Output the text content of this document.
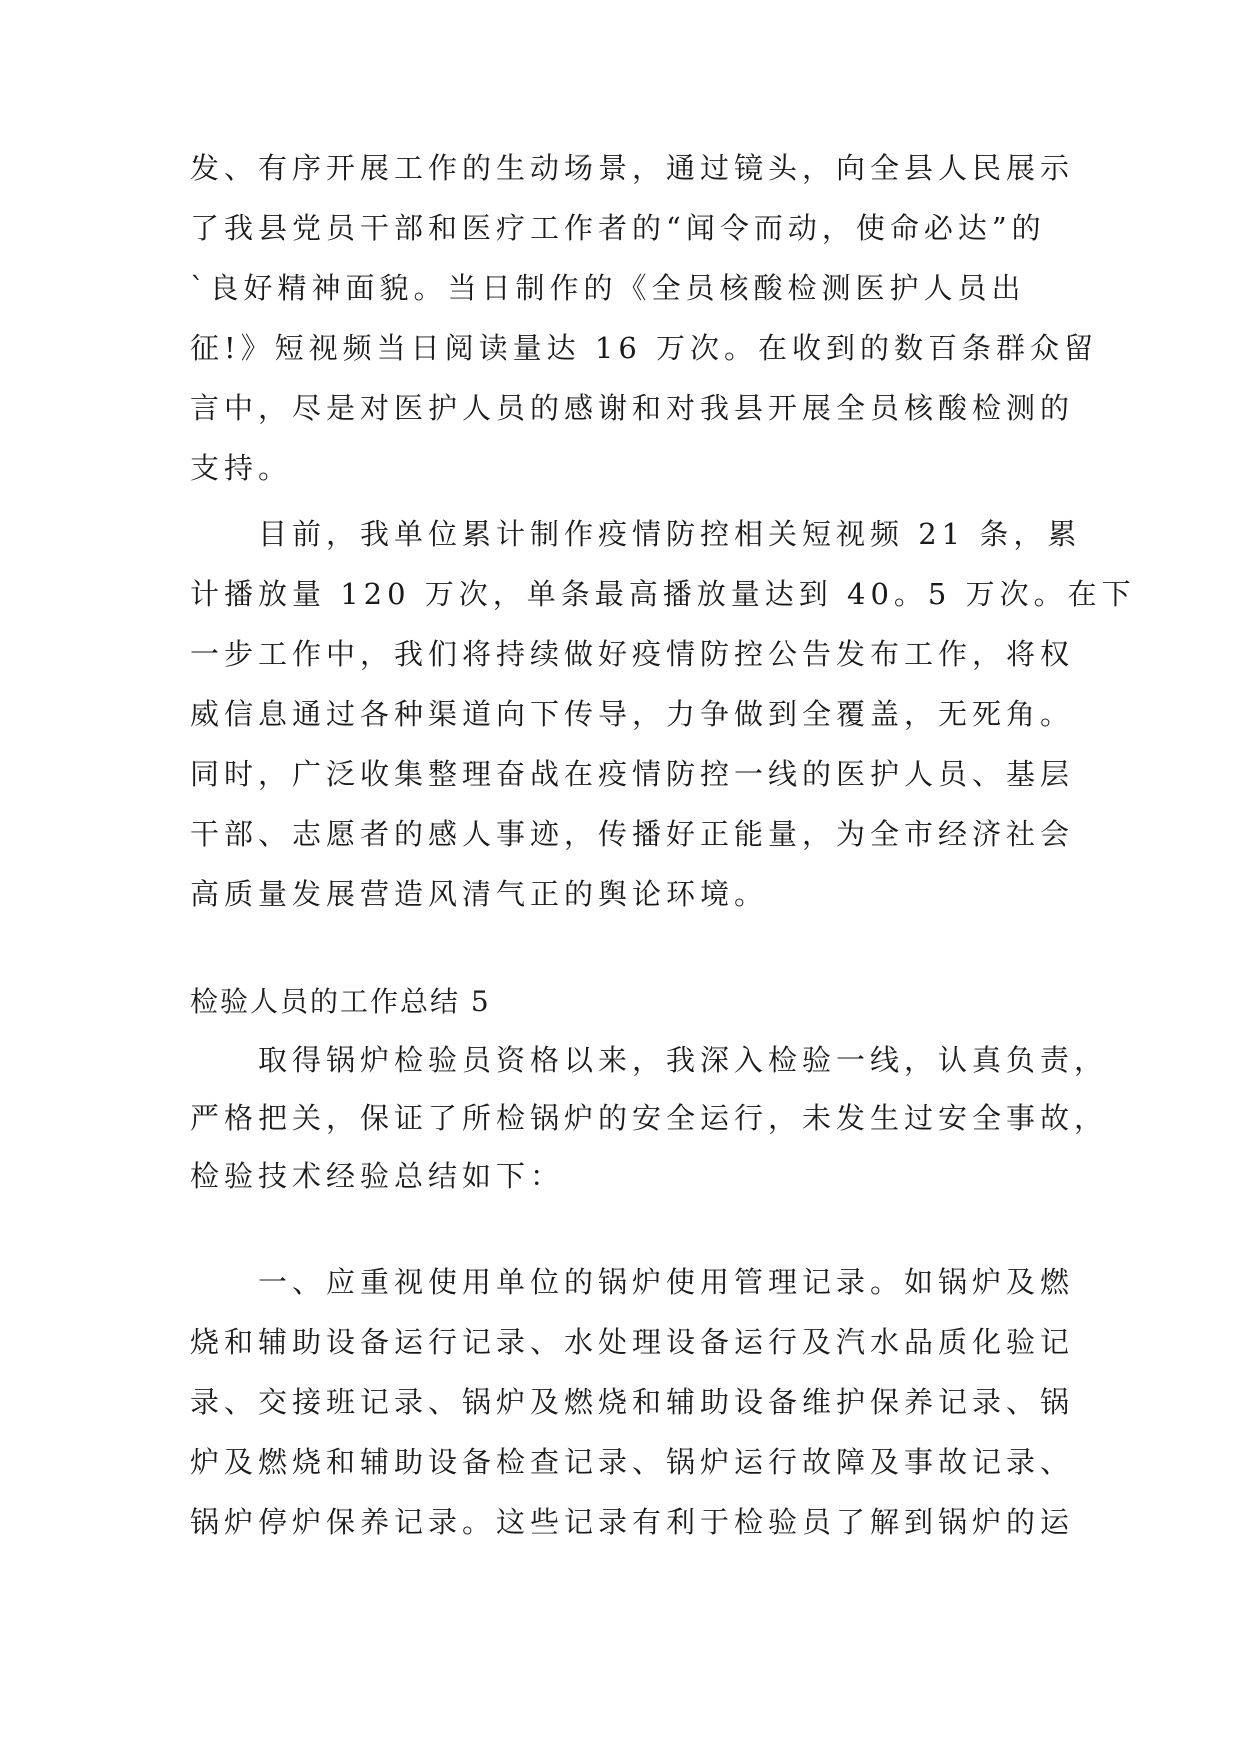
发、有序开展工作的生动场景，通过镜头，向全县人民展示

了我县党员干部和医疗工作者的“闻令而动，使命必达”的

`良好精神面貌。当日制作的《全员核酸检测医护人员出

征!》短视频当日阅读量达 16 万次。在收到的数百条群众留

言中，尽是对医护人员的感谢和对我县开展全员核酸检测的

支持。

目前，我单位累计制作疫情防控相关短视频 21 条，累

计播放量 120 万次，单条最高播放量达到 40。5 万次。在下

一步工作中，我们将持续做好疫情防控公告发布工作，将权

威信息通过各种渠道向下传导，力争做到全覆盖，无死角。

同时，广泛收集整理奋战在疫情防控一线的医护人员、基层

干部、志愿者的感人事迹，传播好正能量，为全市经济社会

高质量发展营造风清气正的舆论环境。

检验人员的工作总结 5

取得锅炉检验员资格以来，我深入检验一线，认真负责，

严格把关，保证了所检锅炉的安全运行，未发生过安全事故，

检验技术经验总结如下：

一、应重视使用单位的锅炉使用管理记录。如锅炉及燃

烧和辅助设备运行记录、水处理设备运行及汽水品质化验记

录、交接班记录、锅炉及燃烧和辅助设备维护保养记录、锅

炉及燃烧和辅助设备检查记录、锅炉运行故障及事故记录、

锅炉停炉保养记录。这些记录有利于检验员了解到锅炉的运
